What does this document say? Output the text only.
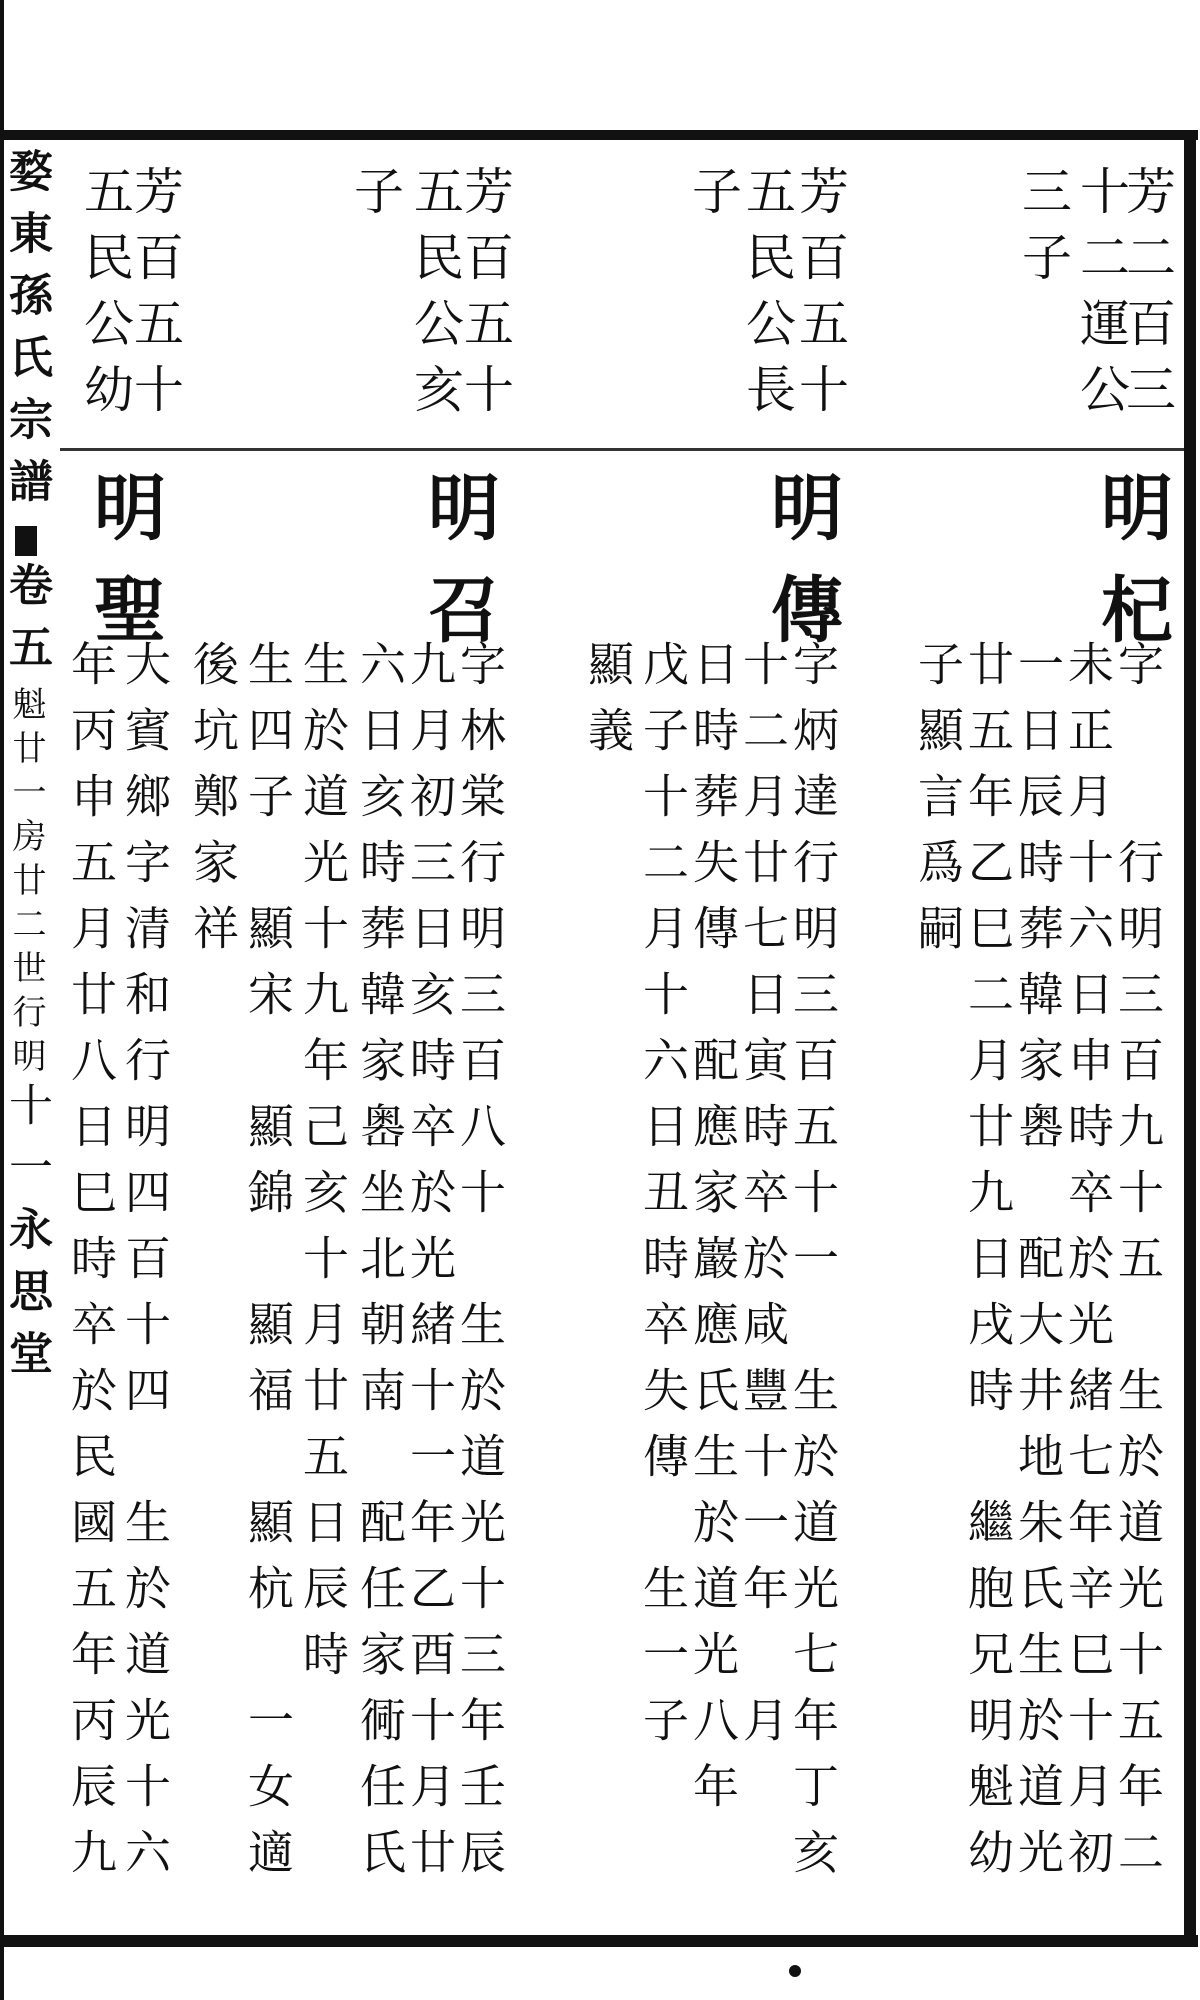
婺東孫氏宗譜卷五魁廿一房廿二世行明十一永思堂
芳二百三
十二運公
三子
芳百五十
五民公長
子
芳百五十
五民公亥
子
芳百五十
五民公幼
明杞
字　　行明三百九十五　生於道光十五年二
未正月十六日申時卒於光緒七年辛巳十月初
一日辰時葬韓家嶴　配大井地朱氏生於道光
廿五年乙巳二月廿九日戌時　繼胞兄明魁幼
子顯言爲嗣
明傳
字炳達行明三百五十一　生於道光七年丁亥
十二月廿七日寅時卒於咸豐十一年　月
日時葬失傳　配應家巖應氏生於道光八年
戊子十二月十六日丑時卒失傳　生一子
顯義
明召
字林棠行明三百八十　生於道光十三年壬辰
九月初三日亥時卒於光緒十一年乙酉十月廿
六日亥時葬韓家嶴坐北朝南　配任家衕任氏
生於道光十九年己亥十月廿五日辰時
生四子　顯宋　顯錦　顯福　顯杭　一女適
後坑鄭家祥
明聖
大賓鄉字清和行明四百十四　生於道光十六
年丙申五月廿八日巳時卒於民國五年丙辰九
